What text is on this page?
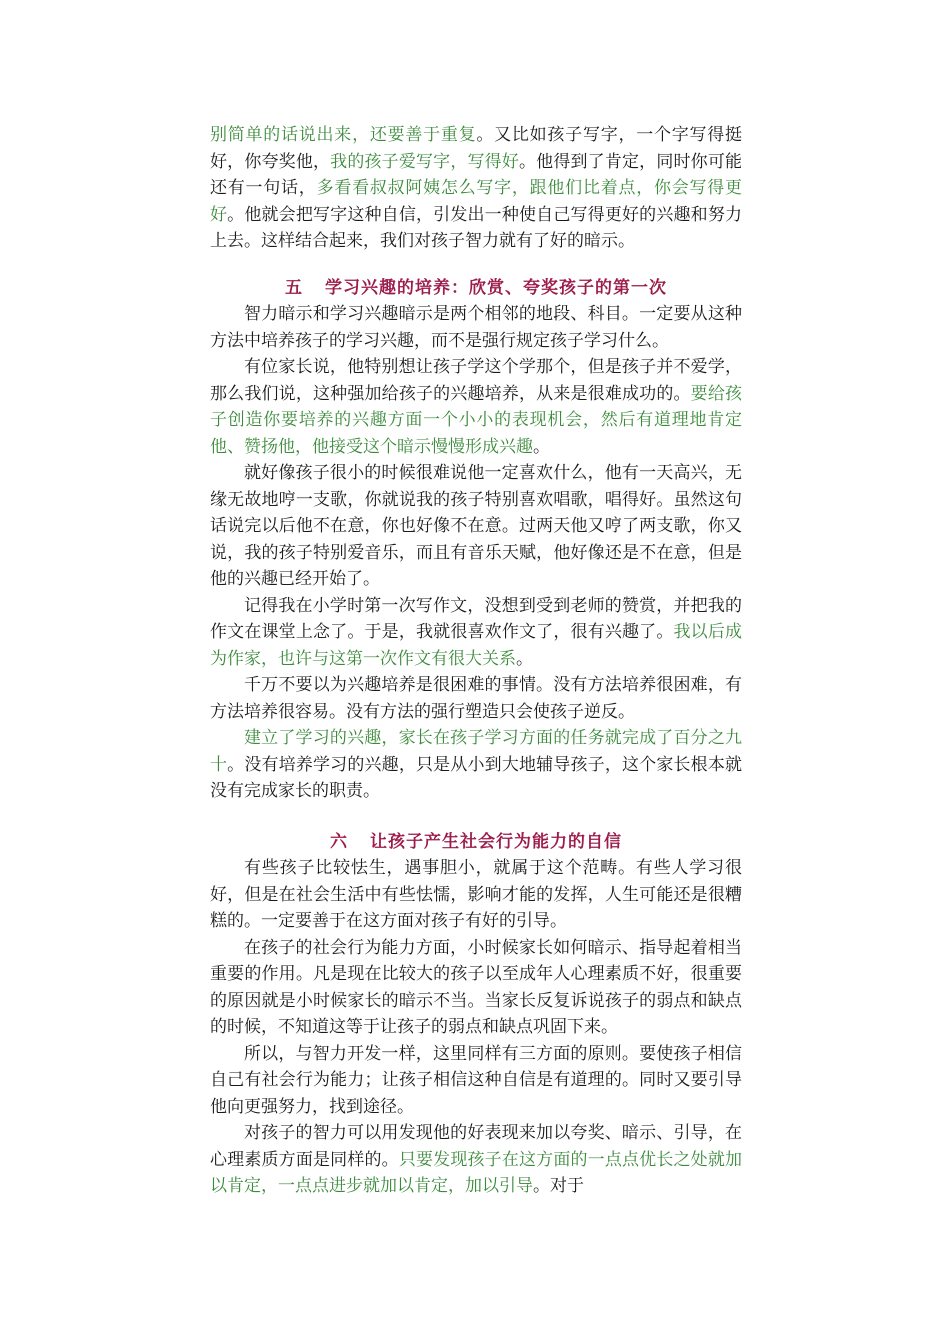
别简单的话说出来，还要善于重复。又比如孩子写字，一个字写得挺好，你夸奖他，我的孩子爱写字，写得好。他得到了肯定，同时你可能还有一句话，多看看叔叔阿姨怎么写字，跟他们比着点，你会写得更好。他就会把写字这种自信，引发出一种使自己写得更好的兴趣和努力上去。这样结合起来，我们对孩子智力就有了好的暗示。

五 学习兴趣的培养：欣赏、夸奖孩子的第一次

智力暗示和学习兴趣暗示是两个相邻的地段、科目。一定要从这种方法中培养孩子的学习兴趣，而不是强行规定孩子学习什么。

有位家长说，他特别想让孩子学这个学那个，但是孩子并不爱学，那么我们说，这种强加给孩子的兴趣培养，从来是很难成功的。要给孩子创造你要培养的兴趣方面一个小小的表现机会，然后有道理地肯定他、赞扬他，他接受这个暗示慢慢形成兴趣。

就好像孩子很小的时候很难说他一定喜欢什么，他有一天高兴，无缘无故地哼一支歌，你就说我的孩子特别喜欢唱歌，唱得好。虽然这句话说完以后他不在意，你也好像不在意。过两天他又哼了两支歌，你又说，我的孩子特别爱音乐，而且有音乐天赋，他好像还是不在意，但是他的兴趣已经开始了。

记得我在小学时第一次写作文，没想到受到老师的赞赏，并把我的作文在课堂上念了。于是，我就很喜欢作文了，很有兴趣了。我以后成为作家，也许与这第一次作文有很大关系。

千万不要以为兴趣培养是很困难的事情。没有方法培养很困难，有方法培养很容易。没有方法的强行塑造只会使孩子逆反。

建立了学习的兴趣，家长在孩子学习方面的任务就完成了百分之九十。没有培养学习的兴趣，只是从小到大地辅导孩子，这个家长根本就没有完成家长的职责。

六 让孩子产生社会行为能力的自信

有些孩子比较怯生，遇事胆小，就属于这个范畴。有些人学习很好，但是在社会生活中有些怯懦，影响才能的发挥，人生可能还是很糟糕的。一定要善于在这方面对孩子有好的引导。

在孩子的社会行为能力方面，小时候家长如何暗示、指导起着相当重要的作用。凡是现在比较大的孩子以至成年人心理素质不好，很重要的原因就是小时候家长的暗示不当。当家长反复诉说孩子的弱点和缺点的时候，不知道这等于让孩子的弱点和缺点巩固下来。

所以，与智力开发一样，这里同样有三方面的原则。要使孩子相信自己有社会行为能力；让孩子相信这种自信是有道理的。同时又要引导他向更强努力，找到途径。

对孩子的智力可以用发现他的好表现来加以夸奖、暗示、引导，在心理素质方面是同样的。只要发现孩子在这方面的一点点优长之处就加以肯定，一点点进步就加以肯定，加以引导。对于
